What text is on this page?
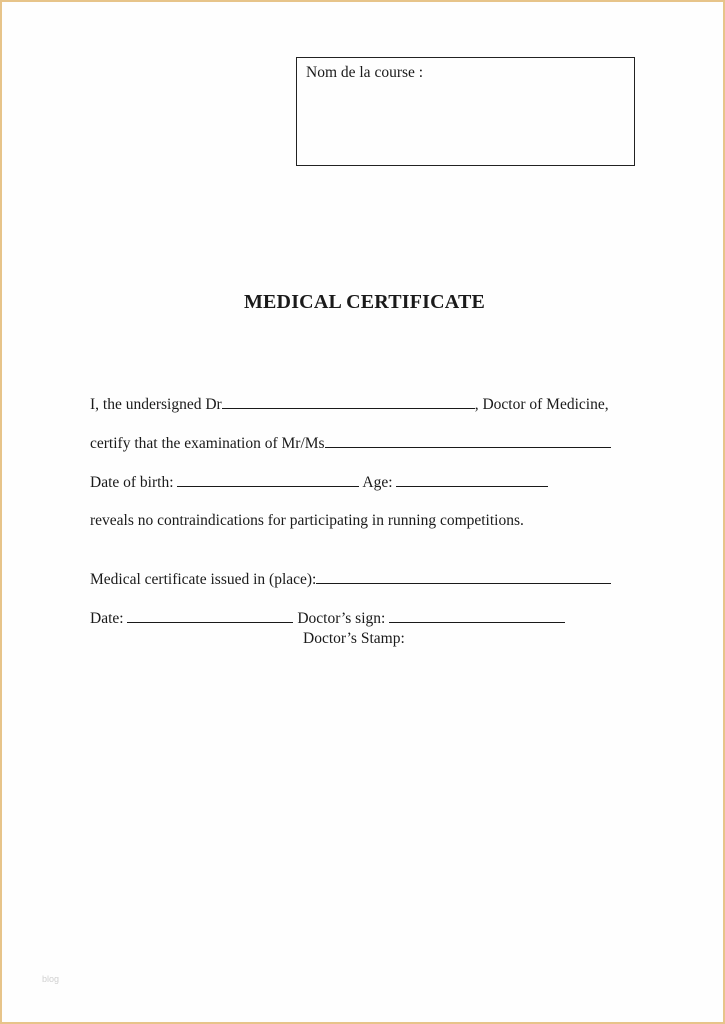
Nom de la course :
MEDICAL CERTIFICATE
I, the undersigned Dr	, Doctor of Medicine,
certify that the examination of Mr/Ms
Date of birth:	Age:
reveals no contraindications for participating in running competitions.
Medical certificate issued in (place):
Date:	Doctor’s sign:
Doctor’s Stamp:
blog
